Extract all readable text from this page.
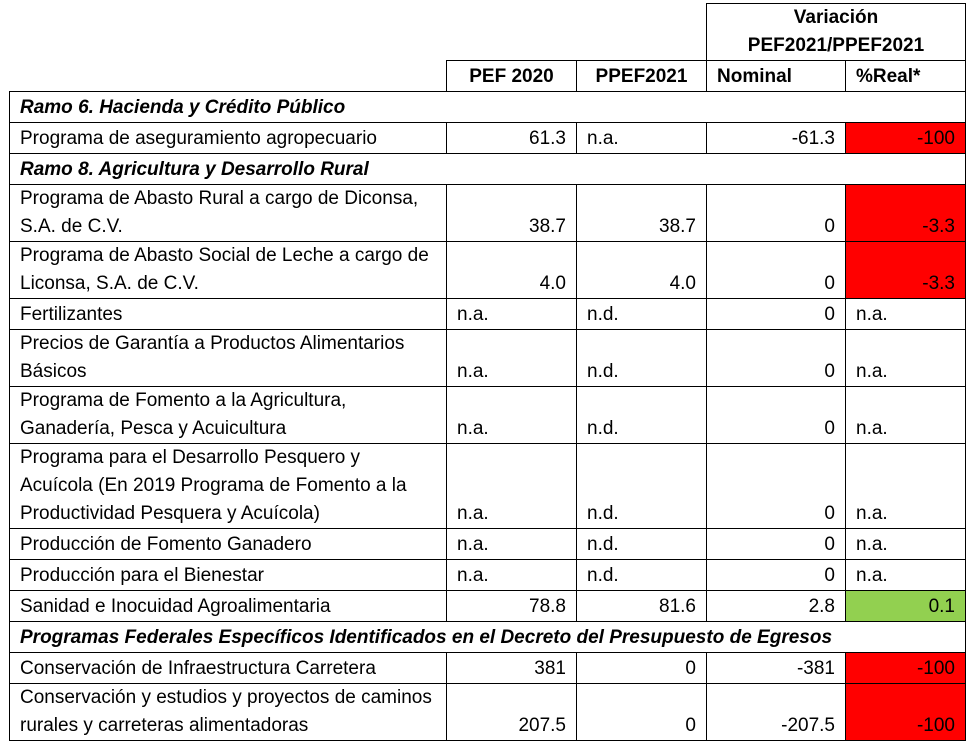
			Variación
PEF2021/PPEF2021	
	PEF 2020	PPEF2021	Nominal	%Real*
Ramo 6. Hacienda y Crédito Público				
Programa de aseguramiento agropecuario	61.3	n.a.	-61.3	-100
Ramo 8. Agricultura y Desarrollo Rural				
Programa de Abasto Rural a cargo de Diconsa, S.A. de C.V.	38.7	38.7	0	-3.3
Programa de Abasto Social de Leche a cargo de Liconsa, S.A. de C.V.	4.0	4.0	0	-3.3
Fertilizantes	n.a.	n.d.	0	n.a.
Precios de Garantía a Productos Alimentarios Básicos	n.a.	n.d.	0	n.a.
Programa de Fomento a la Agricultura, Ganadería, Pesca y Acuicultura	n.a.	n.d.	0	n.a.
Programa para el Desarrollo Pesquero y Acuícola (En 2019 Programa de Fomento a la Productividad Pesquera y Acuícola)	n.a.	n.d.	0	n.a.
Producción de Fomento Ganadero	n.a.	n.d.	0	n.a.
Producción para el Bienestar	n.a.	n.d.	0	n.a.
Sanidad e Inocuidad Agroalimentaria	78.8	81.6	2.8	0.1
Programas Federales Específicos Identificados en el Decreto del Presupuesto de Egresos				
Conservación de Infraestructura Carretera	381	0	-381	-100
Conservación y estudios y proyectos de caminos rurales y carreteras alimentadoras	207.5	0	-207.5	-100
